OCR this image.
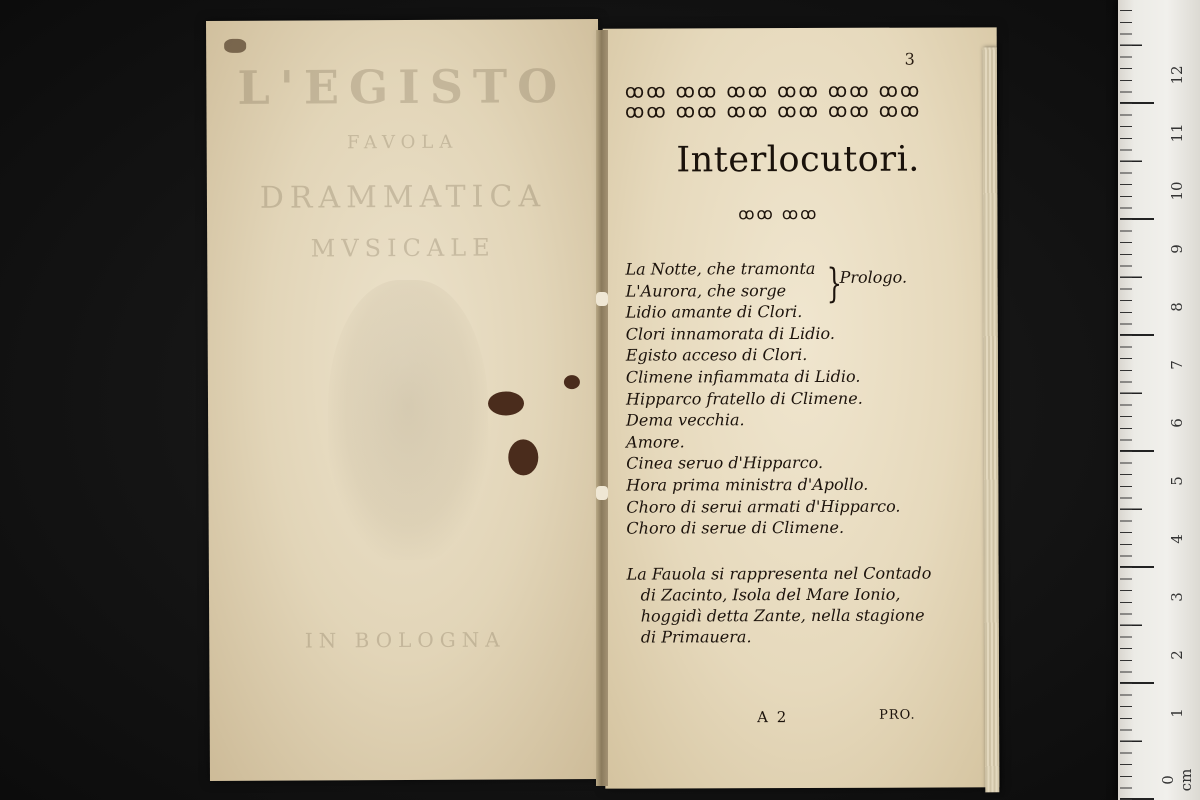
0 cm
1
2
3
4
5
6
7
8
9
10
11
12
L'EGISTO
FAVOLA
DRAMMATICA
MVSICALE
IN BOLOGNA
3
ꝏꝏ ꝏꝏ ꝏꝏ ꝏꝏ ꝏꝏ ꝏꝏ
ꝏꝏ ꝏꝏ ꝏꝏ ꝏꝏ ꝏꝏ ꝏꝏ
Interlocutori.
ꝏꝏ ꝏꝏ
La Notte, che tramonta
L'Aurora, che sorge
Lidio amante di Clori.
Clori innamorata di Lidio.
Egisto acceso di Clori.
Climene infiammata di Lidio.
Hipparco fratello di Climene.
Dema vecchia.
Amore.
Cinea seruo d'Hipparco.
Hora prima ministra d'Apollo.
Choro di serui armati d'Hipparco.
Choro di serue di Climene.
}
Prologo.
La Fauola si rappresenta nel Contado
di Zacinto, Isola del Mare Ionio,
hoggidì detta Zante, nella stagione
di Primauera.
A 2	PRO.
